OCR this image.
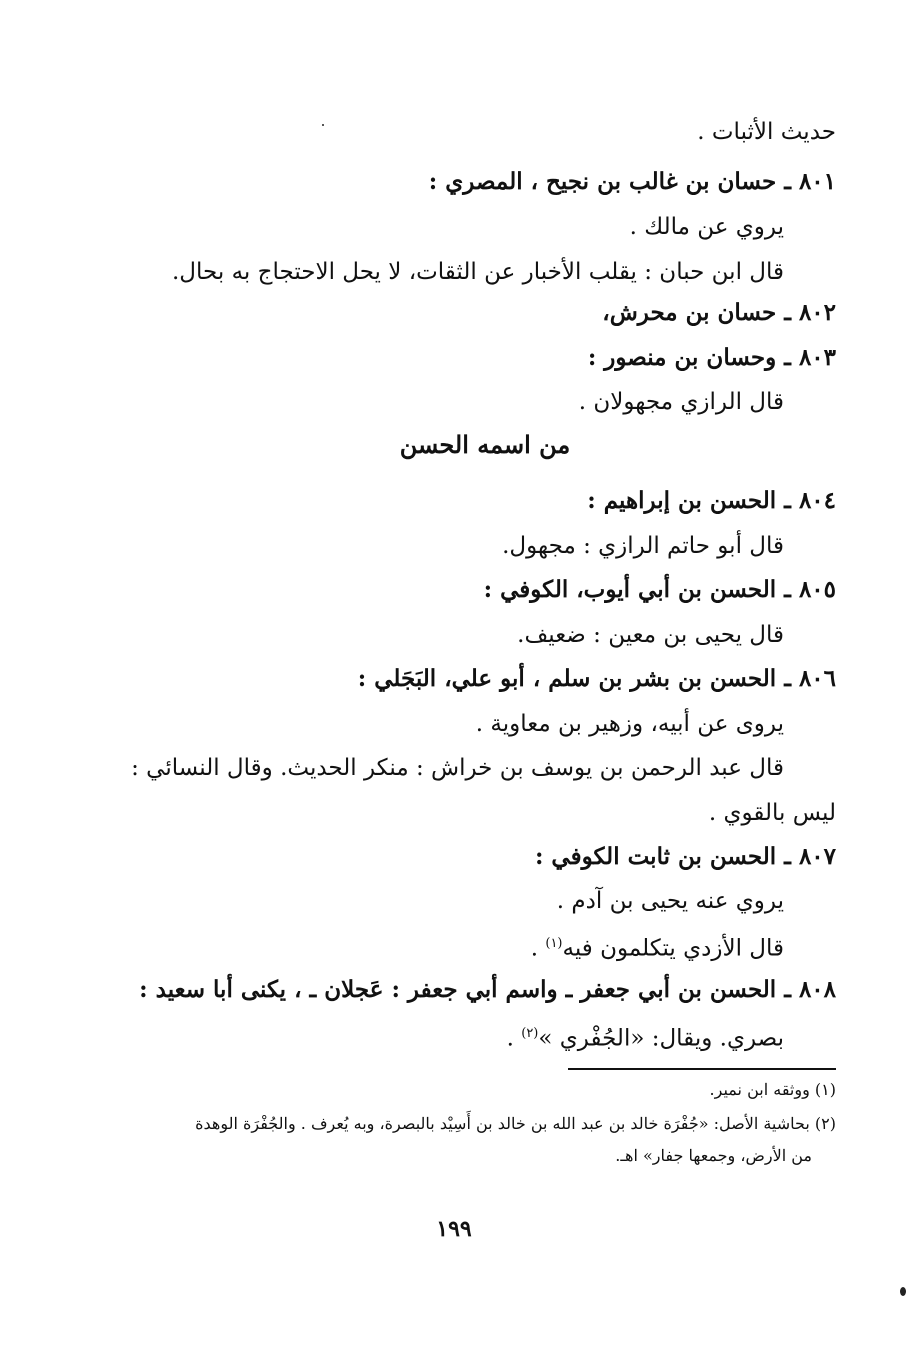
حديث الأثبات .
٨٠١ ـ حسان بن غالب بن نجيح ، المصري :
يروي عن مالك .
قال ابن حبان : يقلب الأخبار عن الثقات، لا يحل الاحتجاج به بحال.
٨٠٢ ـ حسان بن محرش،
٨٠٣ ـ وحسان بن منصور :
قال الرازي مجهولان .
من اسمه الحسن
٨٠٤ ـ الحسن بن إبراهيم :
قال أبو حاتم الرازي : مجهول.
٨٠٥ ـ الحسن بن أبي أيوب، الكوفي :
قال يحيى بن معين : ضعيف.
٨٠٦ ـ الحسن بن بشر بن سلم ، أبو علي، البَجَلي :
يروى عن أبيه، وزهير بن معاوية .
قال عبد الرحمن بن يوسف بن خراش : منكر الحديث. وقال النسائي :
ليس بالقوي .
٨٠٧ ـ الحسن بن ثابت الكوفي :
يروي عنه يحيى بن آدم .
قال الأزدي يتكلمون فيه$^{(١)}$ .
٨٠٨ ـ الحسن بن أبي جعفر ـ واسم أبي جعفر : عَجلان ـ ، يكنى أبا سعيد :
بصري. ويقال: «الجُفْري »$^{(٢)}$ .
(١) ووثقه ابن نمير.
(٢) بحاشية الأصل: «جُفْرَة خالد بن عبد الله بن خالد بن أَسِيْد بالبصرة، وبه يُعرف . والجُفْرَة الوهدة
من الأرض، وجمعها جفار» اهـ.
١٩٩
